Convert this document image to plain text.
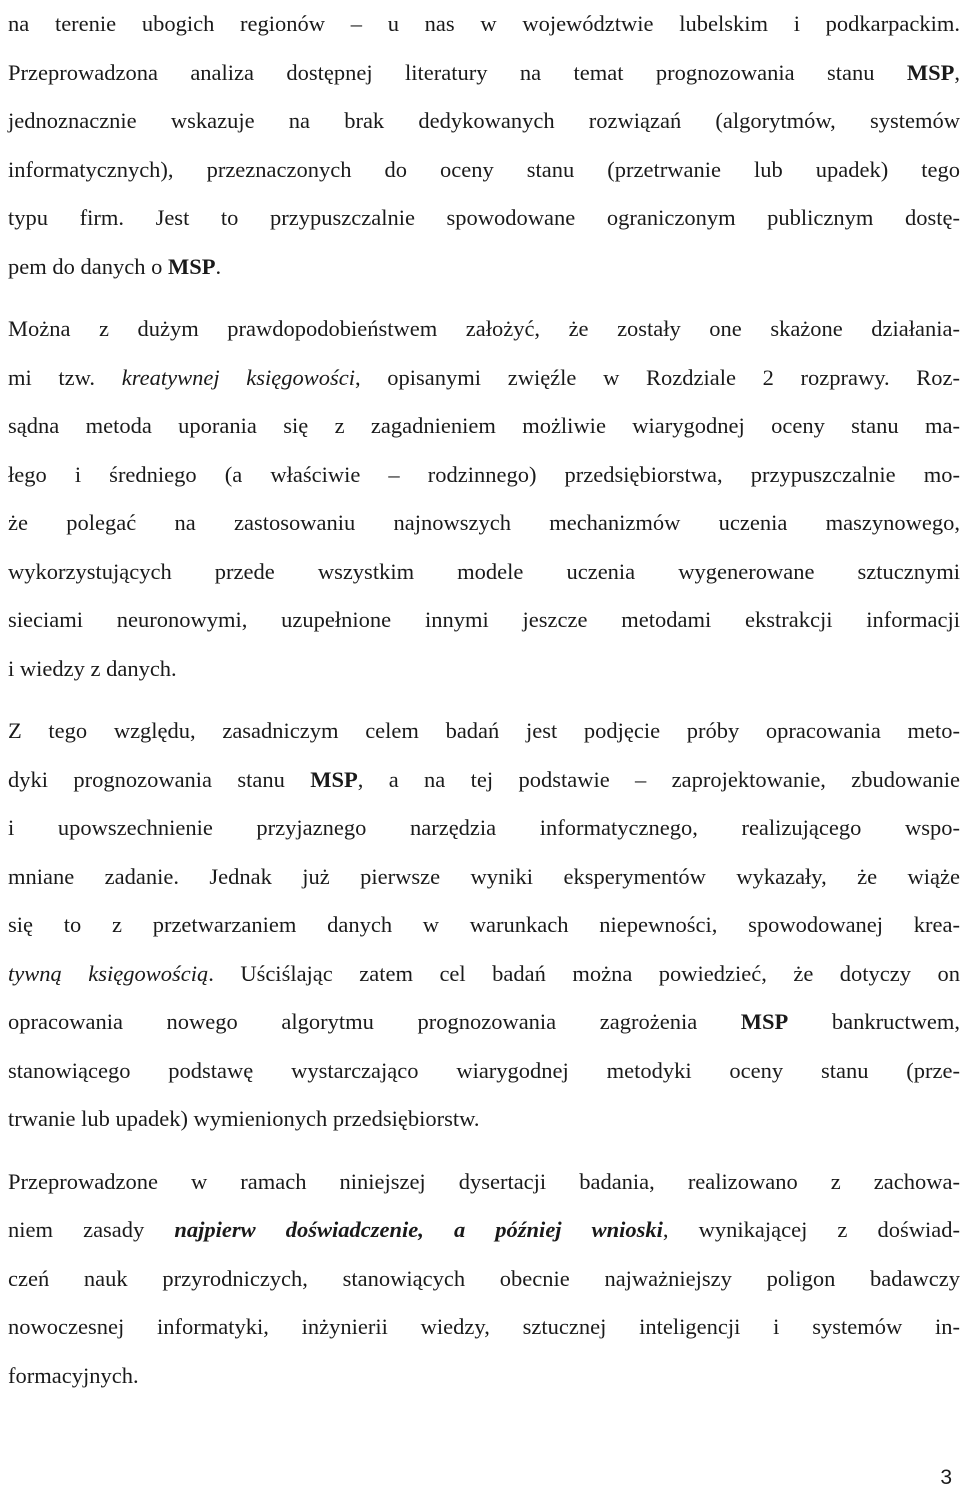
na terenie ubogich regionów – u nas w województwie lubelskim i podkarpackim.
Przeprowadzona analiza dostępnej literatury na temat prognozowania stanu MSP,
jednoznacznie wskazuje na brak dedykowanych rozwiązań (algorytmów, systemów
informatycznych), przeznaczonych do oceny stanu (przetrwanie lub upadek) tego
typu firm. Jest to przypuszczalnie spowodowane ograniczonym publicznym dostę-
pem do danych o MSP.
Można z dużym prawdopodobieństwem założyć, że zostały one skażone działania-
mi tzw. kreatywnej księgowości, opisanymi zwięźle w Rozdziale 2 rozprawy. Roz-
sądna metoda uporania się z zagadnieniem możliwie wiarygodnej oceny stanu ma-
łego i średniego (a właściwie – rodzinnego) przedsiębiorstwa, przypuszczalnie mo-
że polegać na zastosowaniu najnowszych mechanizmów uczenia maszynowego,
wykorzystujących przede wszystkim modele uczenia wygenerowane sztucznymi
sieciami neuronowymi, uzupełnione innymi jeszcze metodami ekstrakcji informacji
i wiedzy z danych.
Z tego względu, zasadniczym celem badań jest podjęcie próby opracowania meto-
dyki prognozowania stanu MSP, a na tej podstawie – zaprojektowanie, zbudowanie
i upowszechnienie przyjaznego narzędzia informatycznego, realizującego wspo-
mniane zadanie. Jednak już pierwsze wyniki eksperymentów wykazały, że wiąże
się to z przetwarzaniem danych w warunkach niepewności, spowodowanej krea-
tywną księgowością. Uściślając zatem cel badań można powiedzieć, że dotyczy on
opracowania nowego algorytmu prognozowania zagrożenia MSP bankructwem,
stanowiącego podstawę wystarczająco wiarygodnej metodyki oceny stanu (prze-
trwanie lub upadek) wymienionych przedsiębiorstw.
Przeprowadzone w ramach niniejszej dysertacji badania, realizowano z zachowa-
niem zasady najpierw doświadczenie, a później wnioski, wynikającej z doświad-
czeń nauk przyrodniczych, stanowiących obecnie najważniejszy poligon badawczy
nowoczesnej informatyki, inżynierii wiedzy, sztucznej inteligencji i systemów in-
formacyjnych.
3
